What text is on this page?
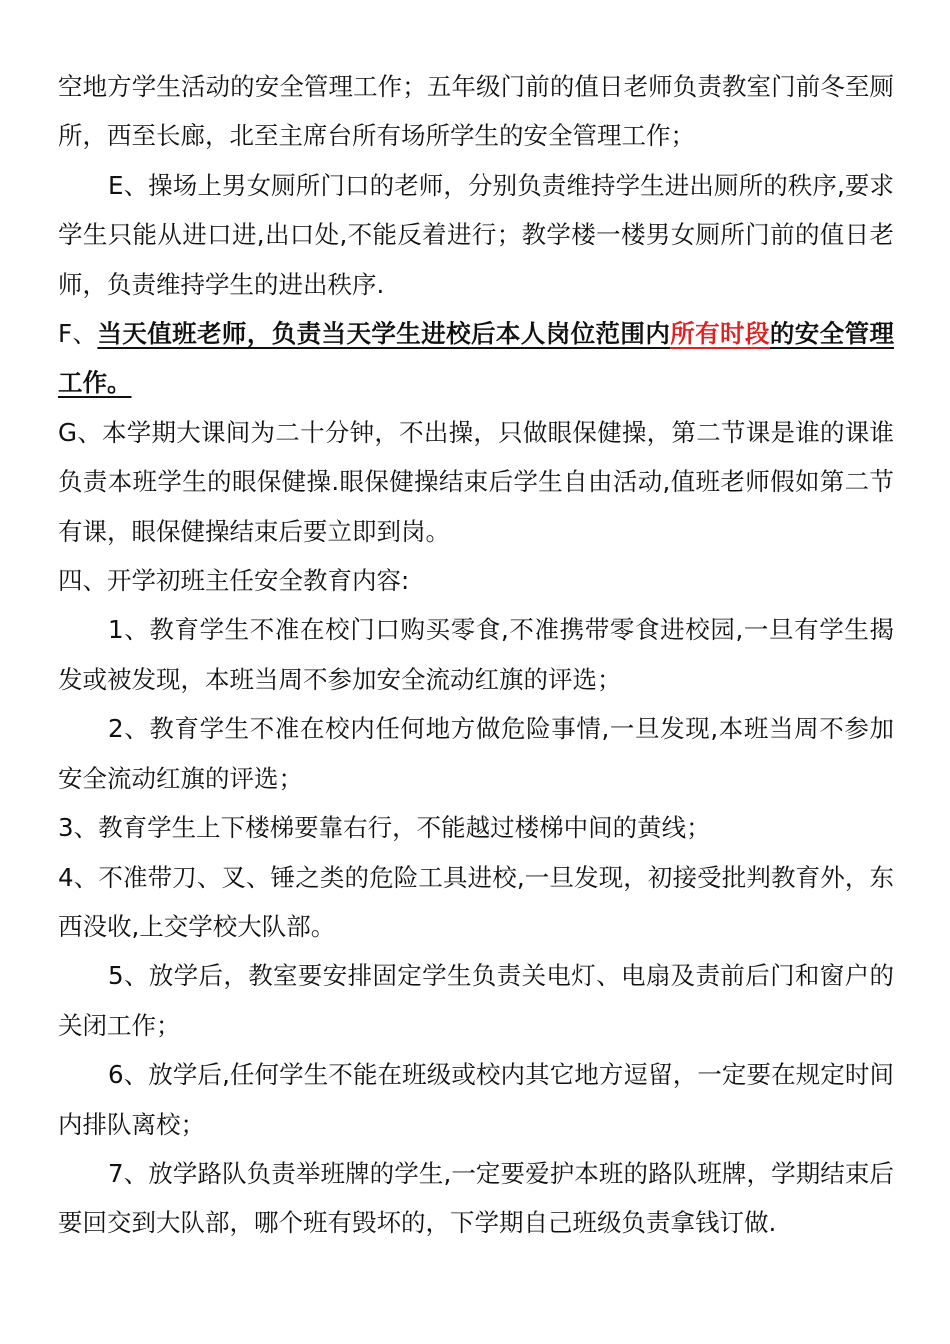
空地方学生活动的安全管理工作；五年级门前的值日老师负责教室门前冬至厕所，西至长廊，北至主席台所有场所学生的安全管理工作；

E、操场上男女厕所门口的老师，分别负责维持学生进出厕所的秩序,要求学生只能从进口进,出口处,不能反着进行；教学楼一楼男女厕所门前的值日老师，负责维持学生的进出秩序.

F、当天值班老师，负责当天学生进校后本人岗位范围内所有时段的安全管理工作。

G、本学期大课间为二十分钟，不出操，只做眼保健操，第二节课是谁的课谁负责本班学生的眼保健操.眼保健操结束后学生自由活动,值班老师假如第二节有课，眼保健操结束后要立即到岗。

四、开学初班主任安全教育内容:

1、教育学生不准在校门口购买零食,不准携带零食进校园,一旦有学生揭发或被发现，本班当周不参加安全流动红旗的评选；

2、教育学生不准在校内任何地方做危险事情,一旦发现,本班当周不参加安全流动红旗的评选；

3、教育学生上下楼梯要靠右行，不能越过楼梯中间的黄线；

4、不准带刀、叉、锤之类的危险工具进校,一旦发现，初接受批判教育外，东西没收,上交学校大队部。

5、放学后，教室要安排固定学生负责关电灯、电扇及责前后门和窗户的关闭工作；

6、放学后,任何学生不能在班级或校内其它地方逗留，一定要在规定时间内排队离校；

7、放学路队负责举班牌的学生,一定要爱护本班的路队班牌，学期结束后要回交到大队部，哪个班有毁坏的，下学期自己班级负责拿钱订做.
